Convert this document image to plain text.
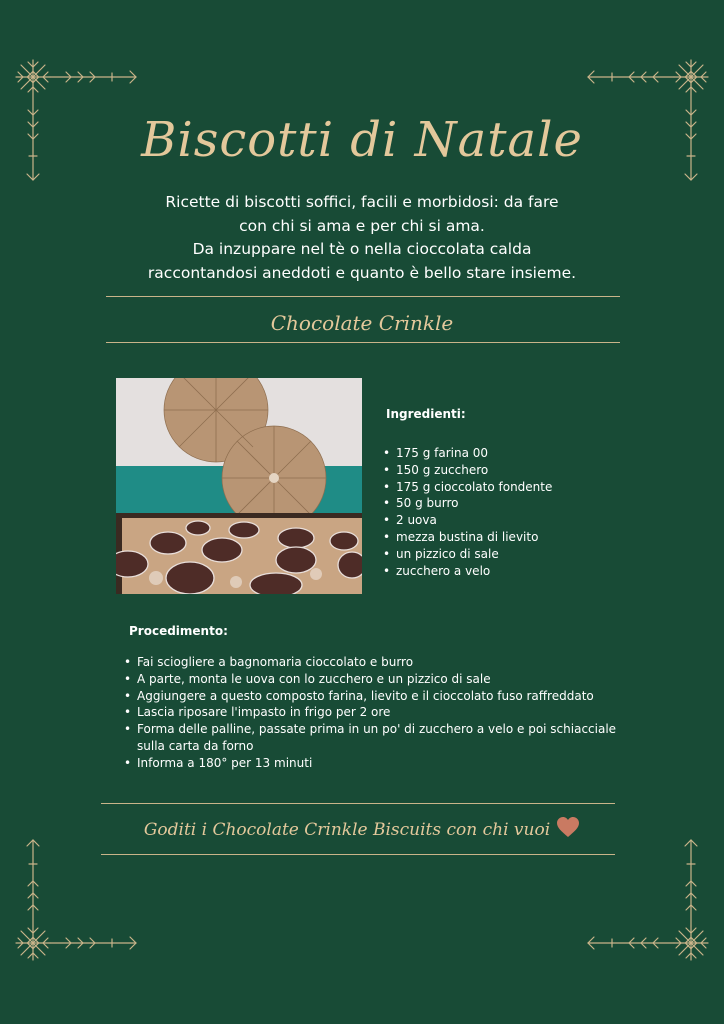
Biscotti di Natale
Ricette di biscotti soffici, facili e morbidosi: da fare
con chi si ama e per chi si ama.
Da inzuppare nel tè o nella cioccolata calda
raccontandosi aneddoti e quanto è bello stare insieme.
Chocolate Crinkle
Ingredienti:
• 175 g farina 00
• 150 g zucchero
• 175 g cioccolato fondente
• 50 g burro
• 2 uova
• mezza bustina di lievito
• un pizzico di sale
• zucchero a velo
Procedimento:
• Fai sciogliere a bagnomaria cioccolato e burro
• A parte, monta le uova con lo zucchero e un pizzico di sale
• Aggiungere a questo composto farina, lievito e il cioccolato fuso raffreddato
• Lascia riposare l'impasto in frigo per 2 ore
• Forma delle palline, passate prima in un po' di zucchero a velo e poi schiacciale sulla carta da forno
• Informa a 180° per 13 minuti
Goditi i Chocolate Crinkle Biscuits con chi vuoi
